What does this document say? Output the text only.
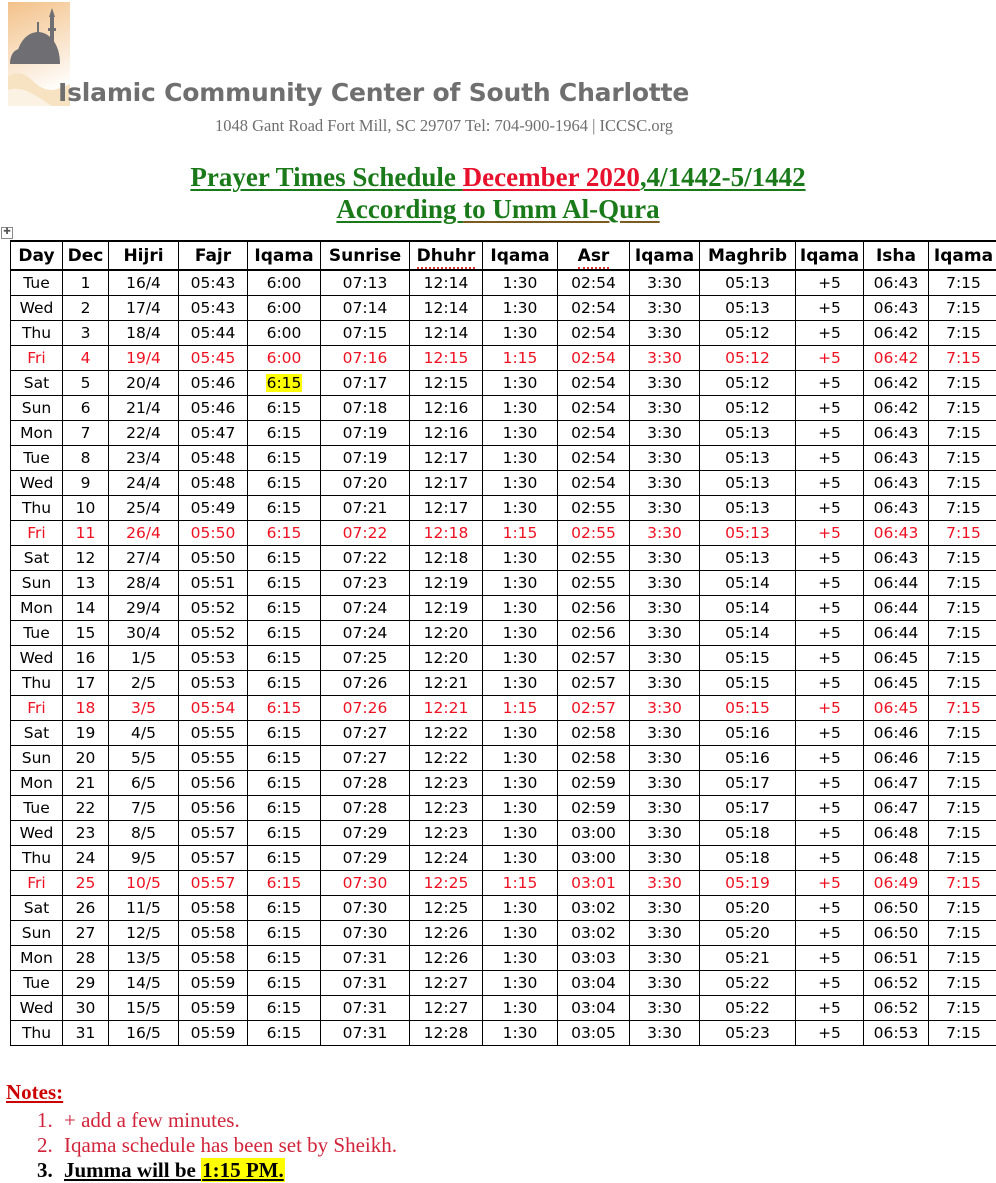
Islamic Community Center of South Charlotte
1048 Gant Road Fort Mill, SC 29707 Tel: 704-900-1964 | ICCSC.org
Prayer Times Schedule December 2020,4/1442-5/1442
According to Umm Al-Qura
✚
Day	Dec	Hijri	Fajr	Iqama	Sunrise	Dhuhr	Iqama	Asr	Iqama	Maghrib	Iqama	Isha	Iqama
Tue	1	16/4	05:43	6:00	07:13	12:14	1:30	02:54	3:30	05:13	+5	06:43	7:15
Wed	2	17/4	05:43	6:00	07:14	12:14	1:30	02:54	3:30	05:13	+5	06:43	7:15
Thu	3	18/4	05:44	6:00	07:15	12:14	1:30	02:54	3:30	05:12	+5	06:42	7:15
Fri	4	19/4	05:45	6:00	07:16	12:15	1:15	02:54	3:30	05:12	+5	06:42	7:15
Sat	5	20/4	05:46	6:15	07:17	12:15	1:30	02:54	3:30	05:12	+5	06:42	7:15
Sun	6	21/4	05:46	6:15	07:18	12:16	1:30	02:54	3:30	05:12	+5	06:42	7:15
Mon	7	22/4	05:47	6:15	07:19	12:16	1:30	02:54	3:30	05:13	+5	06:43	7:15
Tue	8	23/4	05:48	6:15	07:19	12:17	1:30	02:54	3:30	05:13	+5	06:43	7:15
Wed	9	24/4	05:48	6:15	07:20	12:17	1:30	02:54	3:30	05:13	+5	06:43	7:15
Thu	10	25/4	05:49	6:15	07:21	12:17	1:30	02:55	3:30	05:13	+5	06:43	7:15
Fri	11	26/4	05:50	6:15	07:22	12:18	1:15	02:55	3:30	05:13	+5	06:43	7:15
Sat	12	27/4	05:50	6:15	07:22	12:18	1:30	02:55	3:30	05:13	+5	06:43	7:15
Sun	13	28/4	05:51	6:15	07:23	12:19	1:30	02:55	3:30	05:14	+5	06:44	7:15
Mon	14	29/4	05:52	6:15	07:24	12:19	1:30	02:56	3:30	05:14	+5	06:44	7:15
Tue	15	30/4	05:52	6:15	07:24	12:20	1:30	02:56	3:30	05:14	+5	06:44	7:15
Wed	16	1/5	05:53	6:15	07:25	12:20	1:30	02:57	3:30	05:15	+5	06:45	7:15
Thu	17	2/5	05:53	6:15	07:26	12:21	1:30	02:57	3:30	05:15	+5	06:45	7:15
Fri	18	3/5	05:54	6:15	07:26	12:21	1:15	02:57	3:30	05:15	+5	06:45	7:15
Sat	19	4/5	05:55	6:15	07:27	12:22	1:30	02:58	3:30	05:16	+5	06:46	7:15
Sun	20	5/5	05:55	6:15	07:27	12:22	1:30	02:58	3:30	05:16	+5	06:46	7:15
Mon	21	6/5	05:56	6:15	07:28	12:23	1:30	02:59	3:30	05:17	+5	06:47	7:15
Tue	22	7/5	05:56	6:15	07:28	12:23	1:30	02:59	3:30	05:17	+5	06:47	7:15
Wed	23	8/5	05:57	6:15	07:29	12:23	1:30	03:00	3:30	05:18	+5	06:48	7:15
Thu	24	9/5	05:57	6:15	07:29	12:24	1:30	03:00	3:30	05:18	+5	06:48	7:15
Fri	25	10/5	05:57	6:15	07:30	12:25	1:15	03:01	3:30	05:19	+5	06:49	7:15
Sat	26	11/5	05:58	6:15	07:30	12:25	1:30	03:02	3:30	05:20	+5	06:50	7:15
Sun	27	12/5	05:58	6:15	07:30	12:26	1:30	03:02	3:30	05:20	+5	06:50	7:15
Mon	28	13/5	05:58	6:15	07:31	12:26	1:30	03:03	3:30	05:21	+5	06:51	7:15
Tue	29	14/5	05:59	6:15	07:31	12:27	1:30	03:04	3:30	05:22	+5	06:52	7:15
Wed	30	15/5	05:59	6:15	07:31	12:27	1:30	03:04	3:30	05:22	+5	06:52	7:15
Thu	31	16/5	05:59	6:15	07:31	12:28	1:30	03:05	3:30	05:23	+5	06:53	7:15
Notes:
1. + add a few minutes.
2. Iqama schedule has been set by Sheikh.
3. Jumma will be 1:15 PM.
